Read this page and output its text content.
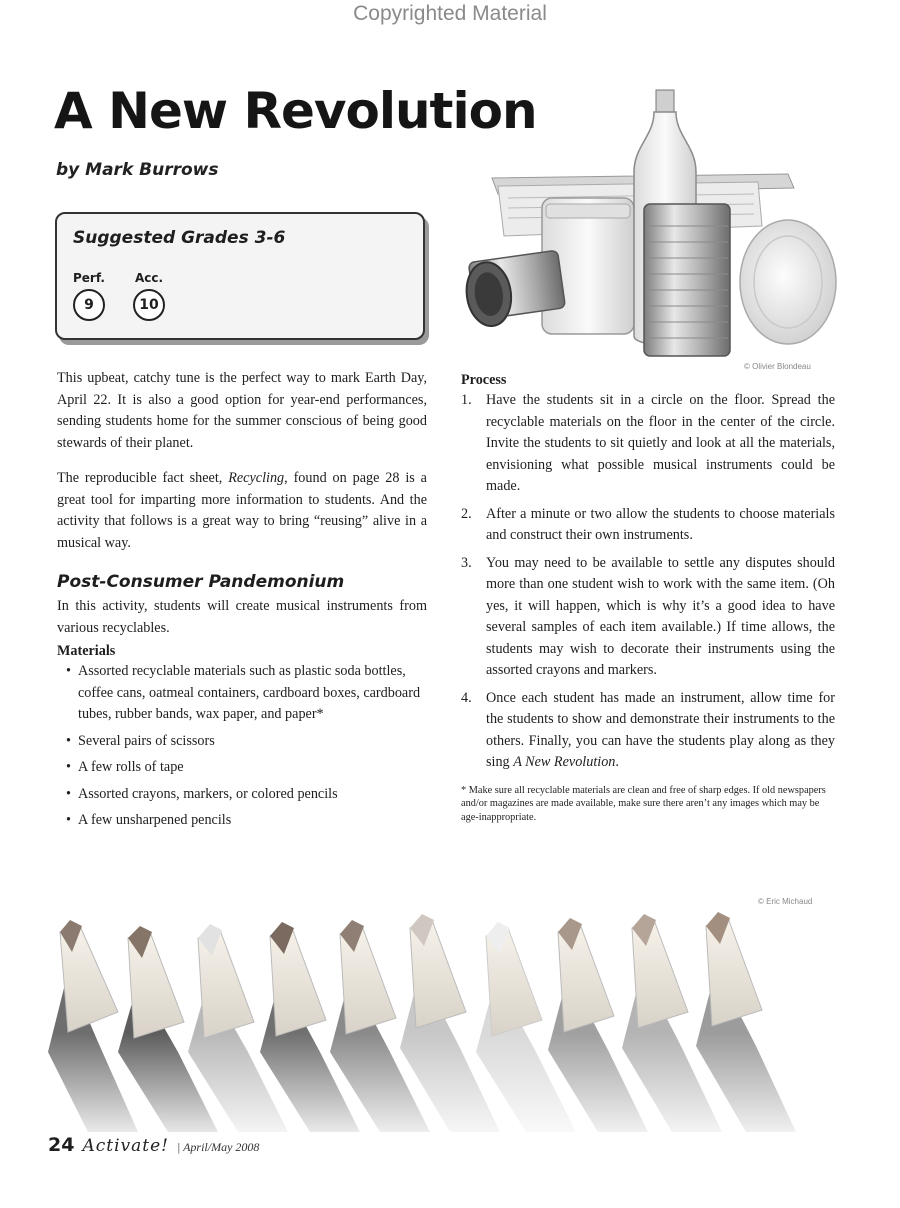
Copyrighted Material
A New Revolution
by Mark Burrows
Suggested Grades 3-6
Perf.
9
Acc.
10
© Olivier Blondeau

This upbeat, catchy tune is the perfect way to mark Earth Day, April 22. It is also a good option for year-end performances, sending students home for the summer conscious of being good stewards of their planet.

The reproducible fact sheet, Recycling, found on page 28 is a great tool for imparting more information to students. And the activity that follows is a great way to bring “reusing” alive in a musical way.

Post-Consumer Pandemonium

In this activity, students will create musical instruments from various recyclables.

Materials
• Assorted recyclable materials such as plastic soda bottles, coffee cans, oatmeal containers, cardboard boxes, cardboard tubes, rubber bands, wax paper, and paper*
• Several pairs of scissors
• A few rolls of tape
• Assorted crayons, markers, or colored pencils
• A few unsharpened pencils
Process
1. Have the students sit in a circle on the floor. Spread the recyclable materials on the floor in the center of the circle. Invite the students to sit quietly and look at all the materials, envisioning what possible musical instruments could be made.
2. After a minute or two allow the students to choose materials and construct their own instruments.
3. You may need to be available to settle any disputes should more than one student wish to work with the same item. (Oh yes, it will happen, which is why it’s a good idea to have several samples of each item available.) If time allows, the students may wish to decorate their instruments using the assorted crayons and markers.
4. Once each student has made an instrument, allow time for the students to show and demonstrate their instruments to the others. Finally, you can have the students play along as they sing A New Revolution.

* Make sure all recyclable materials are clean and free of sharp edges. If old newspapers and/or magazines are made available, make sure there aren’t any images which may be age-inappropriate.

© Eric Michaud
24 Activate! | April/May 2008
